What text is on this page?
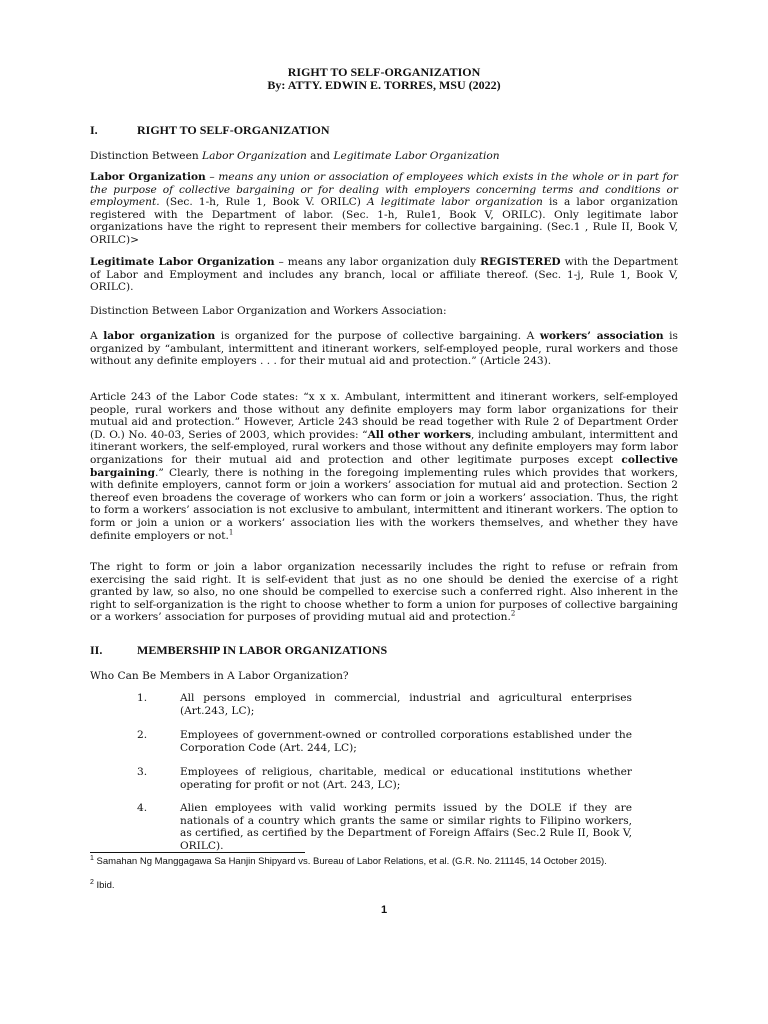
RIGHT TO SELF-ORGANIZATION
By: ATTY. EDWIN E. TORRES, MSU (2022)
I.	RIGHT TO SELF-ORGANIZATION
Distinction Between Labor Organization and Legitimate Labor Organization
Labor Organization – means any union or association of employees which exists in the whole or in part for the purpose of collective bargaining or for dealing with employers concerning terms and conditions or employment. (Sec. 1-h, Rule 1, Book V. ORILC) A legitimate labor organization is a labor organization registered with the Department of labor. (Sec. 1-h, Rule1, Book V, ORILC). Only legitimate labor organizations have the right to represent their members for collective bargaining. (Sec.1 , Rule II, Book V, ORILC)>
Legitimate Labor Organization – means any labor organization duly REGISTERED with the Department of Labor and Employment and includes any branch, local or affiliate thereof. (Sec. 1-j, Rule 1, Book V, ORILC).
Distinction Between Labor Organization and Workers Association:
A labor organization is organized for the purpose of collective bargaining. A workers’ association is organized by “ambulant, intermittent and itinerant workers, self-employed people, rural workers and those without any definite employers . . . for their mutual aid and protection.” (Article 243).
Article 243 of the Labor Code states: “x x x. Ambulant, intermittent and itinerant workers, self-employed people, rural workers and those without any definite employers may form labor organizations for their mutual aid and protection.” However, Article 243 should be read together with Rule 2 of Department Order (D. O.) No. 40-03, Series of 2003, which provides: “All other workers, including ambulant, intermittent and itinerant workers, the self-employed, rural workers and those without any definite employers may form labor organizations for their mutual aid and protection and other legitimate purposes except collective bargaining.” Clearly, there is nothing in the foregoing implementing rules which provides that workers, with definite employers, cannot form or join a workers’ association for mutual aid and protection. Section 2 thereof even broadens the coverage of workers who can form or join a workers’ association. Thus, the right to form a workers’ association is not exclusive to ambulant, intermittent and itinerant workers. The option to form or join a union or a workers’ association lies with the workers themselves, and whether they have definite employers or not.$^1$
The right to form or join a labor organization necessarily includes the right to refuse or refrain from exercising the said right. It is self-evident that just as no one should be denied the exercise of a right granted by law, so also, no one should be compelled to exercise such a conferred right. Also inherent in the right to self-organization is the right to choose whether to form a union for purposes of collective bargaining or a workers’ association for purposes of providing mutual aid and protection.$^2$
II.	MEMBERSHIP IN LABOR ORGANIZATIONS
Who Can Be Members in A Labor Organization?
1.	All persons employed in commercial, industrial and agricultural enterprises (Art.243, LC);
2.	Employees of government-owned or controlled corporations established under the Corporation Code (Art. 244, LC);
3.	Employees of religious, charitable, medical or educational institutions whether operating for profit or not (Art. 243, LC);
4.	Alien employees with valid working permits issued by the DOLE if they are nationals of a country which grants the same or similar rights to Filipino workers, as certified, as certified by the Department of Foreign Affairs (Sec.2 Rule II, Book V, ORILC).
$^1$ Samahan Ng Manggagawa Sa Hanjin Shipyard vs. Bureau of Labor Relations, et al. (G.R. No. 211145, 14 October 2015).
$^2$ Ibid.
1
